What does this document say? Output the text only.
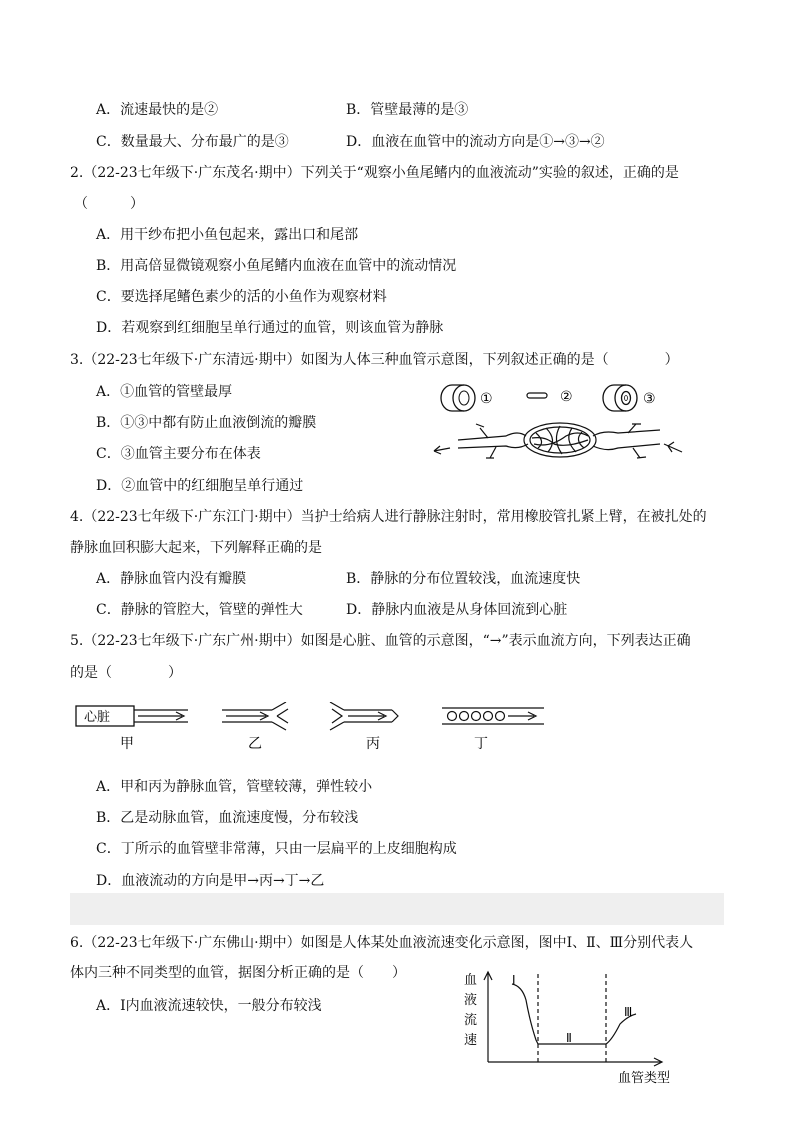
A．流速最快的是②	B．管壁最薄的是③
C．数量最大、分布最广的是③	D．血液在血管中的流动方向是①→③→②
2.（22-23七年级下·广东茂名·期中）下列关于“观察小鱼尾鳍内的血液流动”实验的叙述，正确的是
（　　　）
A．用干纱布把小鱼包起来，露出口和尾部
B．用高倍显微镜观察小鱼尾鳍内血液在血管中的流动情况
C．要选择尾鳍色素少的活的小鱼作为观察材料
D．若观察到红细胞呈单行通过的血管，则该血管为静脉
3.（22-23七年级下·广东清远·期中）如图为人体三种血管示意图，下列叙述正确的是（　　　　）
A．①血管的管壁最厚
B．①③中都有防止血液倒流的瓣膜
C．③血管主要分布在体表
D．②血管中的红细胞呈单行通过
①	②	③
4.（22-23七年级下·广东江门·期中）当护士给病人进行静脉注射时，常用橡胶管扎紧上臂，在被扎处的
静脉血回积膨大起来，下列解释正确的是
A．静脉血管内没有瓣膜	B．静脉的分布位置较浅，血流速度快
C．静脉的管腔大，管壁的弹性大	D．静脉内血液是从身体回流到心脏
5.（22-23七年级下·广东广州·期中）如图是心脏、血管的示意图，“→”表示血流方向，下列表达正确
的是（　　　　）
心脏
甲	乙	丙	丁
A．甲和丙为静脉血管，管壁较薄，弹性较小
B．乙是动脉血管，血流速度慢，分布较浅
C．丁所示的血管壁非常薄，只由一层扁平的上皮细胞构成
D．血液流动的方向是甲→丙→丁→乙
6.（22-23七年级下·广东佛山·期中）如图是人体某处血液流速变化示意图，图中Ⅰ、Ⅱ、Ⅲ分别代表人
体内三种不同类型的血管，据图分析正确的是（　　）
A．Ⅰ内血液流速较快，一般分布较浅
血
液
流
速
Ⅰ
Ⅱ
Ⅲ
血管类型
